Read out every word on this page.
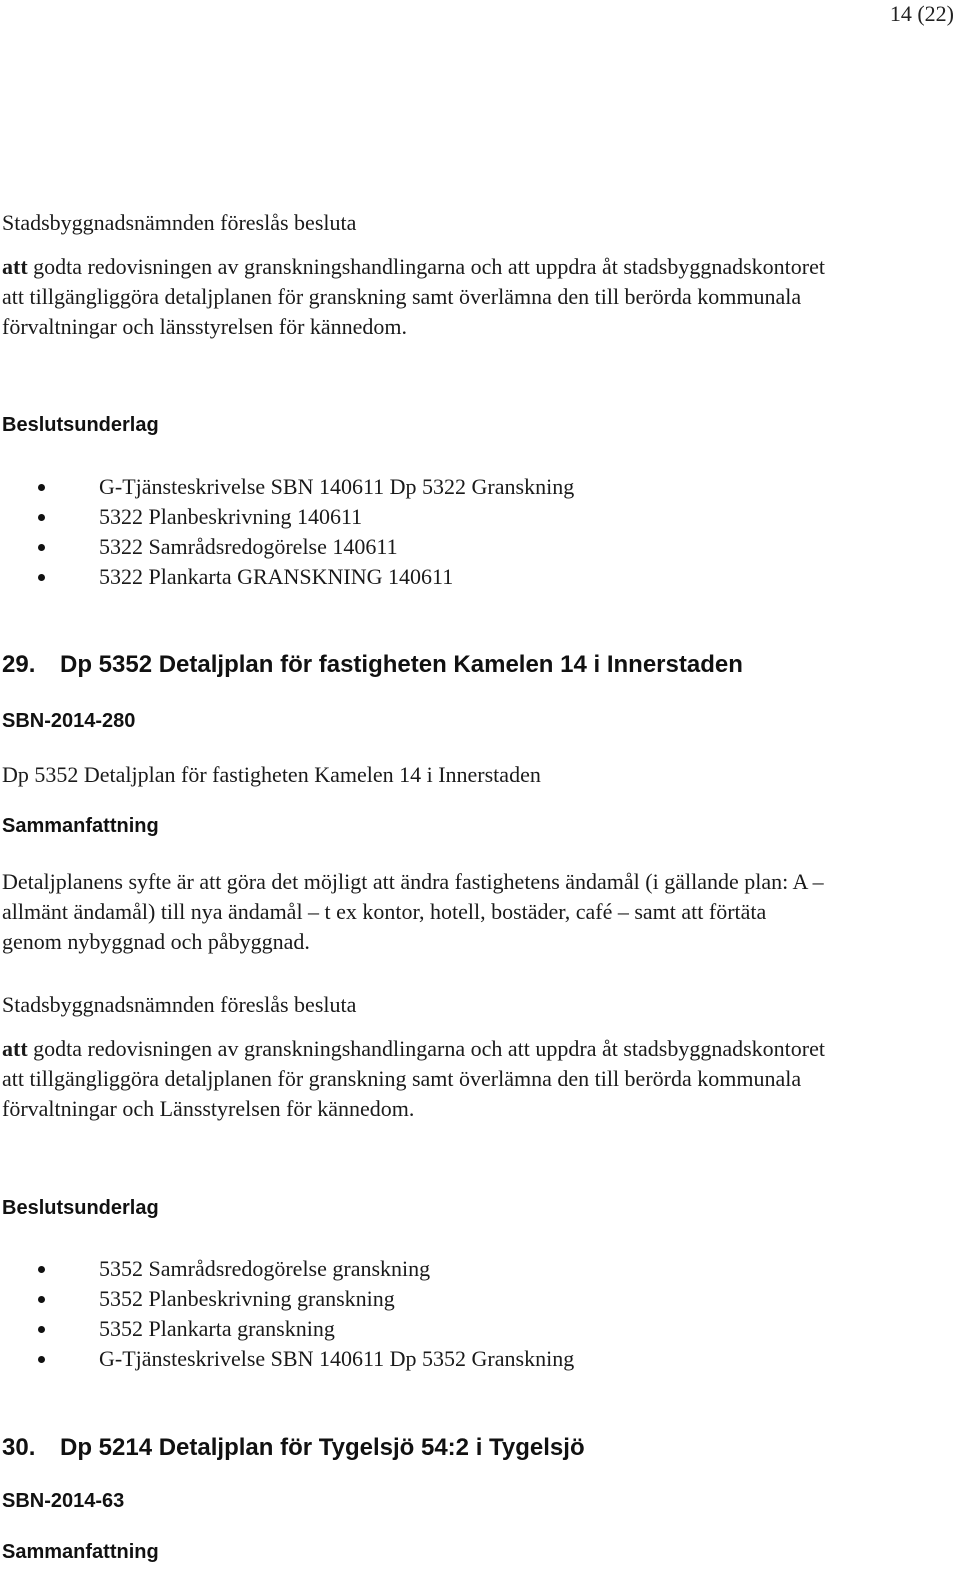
14 (22)
Stadsbyggnadsnämnden föreslås besluta
att godta redovisningen av granskningshandlingarna och att uppdra åt stadsbyggnadskontoret
att tillgängliggöra detaljplanen för granskning samt överlämna den till berörda kommunala
förvaltningar och länsstyrelsen för kännedom.
Beslutsunderlag
G-Tjänsteskrivelse SBN 140611 Dp 5322 Granskning
5322 Planbeskrivning 140611
5322 Samrådsredogörelse 140611
5322 Plankarta GRANSKNING 140611
29. Dp 5352 Detaljplan för fastigheten Kamelen 14 i Innerstaden
SBN-2014-280
Dp 5352 Detaljplan för fastigheten Kamelen 14 i Innerstaden
Sammanfattning
Detaljplanens syfte är att göra det möjligt att ändra fastighetens ändamål (i gällande plan: A –
allmänt ändamål) till nya ändamål – t ex kontor, hotell, bostäder, café – samt att förtäta
genom nybyggnad och påbyggnad.
Stadsbyggnadsnämnden föreslås besluta
att godta redovisningen av granskningshandlingarna och att uppdra åt stadsbyggnadskontoret
att tillgängliggöra detaljplanen för granskning samt överlämna den till berörda kommunala
förvaltningar och Länsstyrelsen för kännedom.
Beslutsunderlag
5352 Samrådsredogörelse granskning
5352 Planbeskrivning granskning
5352 Plankarta granskning
G-Tjänsteskrivelse SBN 140611 Dp 5352 Granskning
30. Dp 5214 Detaljplan för Tygelsjö 54:2 i Tygelsjö
SBN-2014-63
Sammanfattning
